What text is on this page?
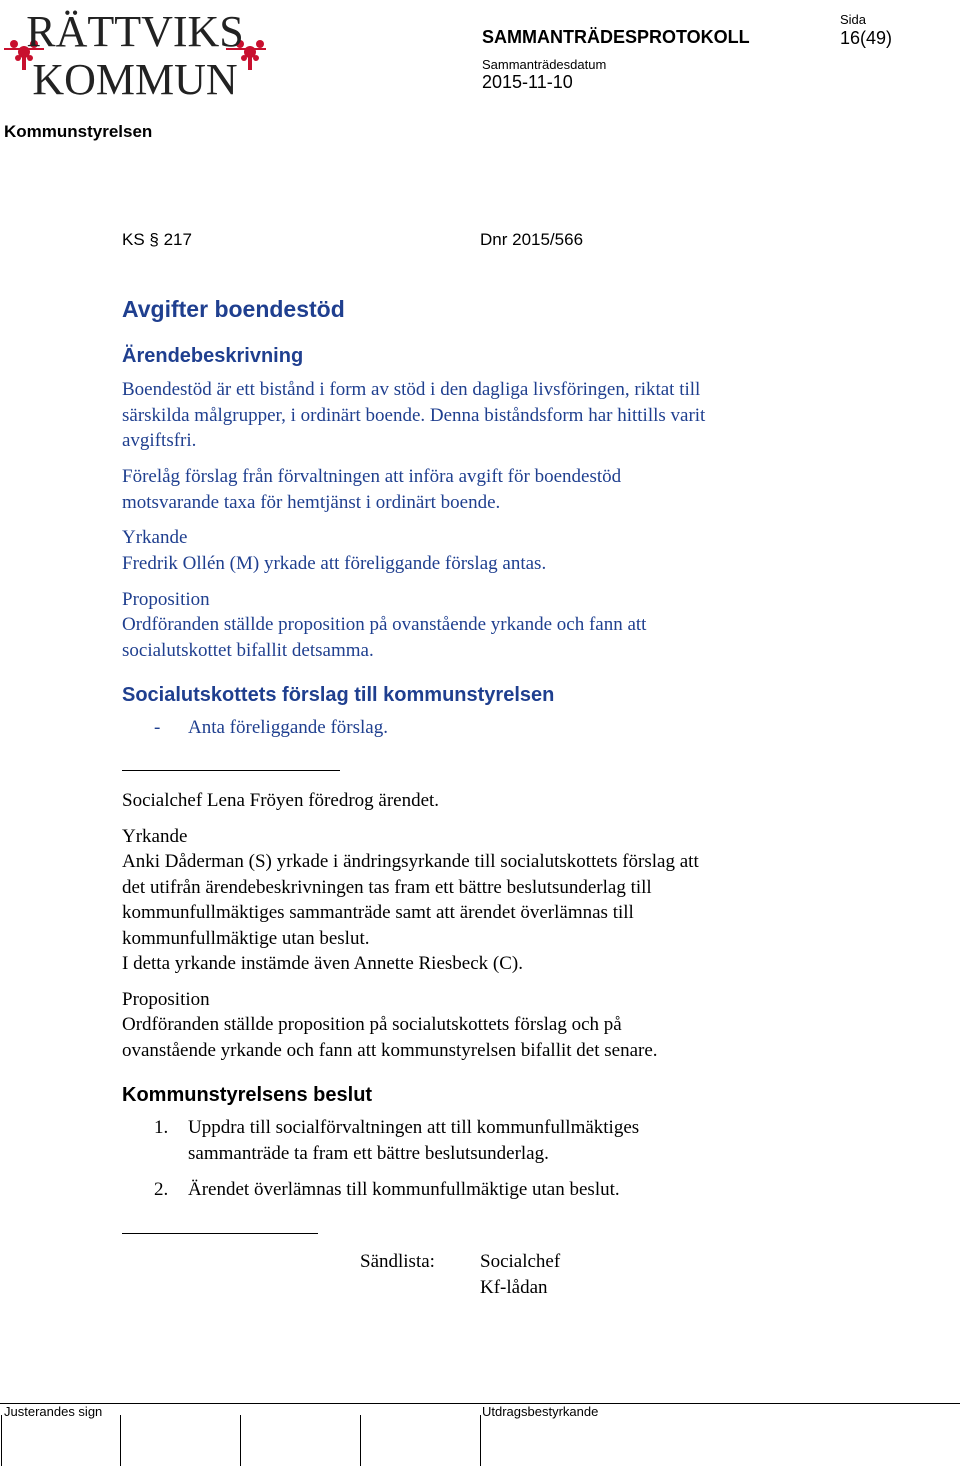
RÄTTVIKS
KOMMUN
SAMMANTRÄDESPROTOKOLL
Sida
16(49)
Sammanträdesdatum
2015-11-10
Kommunstyrelsen
KS § 217	Dnr 2015/566
Avgifter boendestöd
Ärendebeskrivning
Boendestöd är ett bistånd i form av stöd i den dagliga livsföringen, riktat till
särskilda målgrupper, i ordinärt boende. Denna biståndsform har hittills varit
avgiftsfri.
Förelåg förslag från förvaltningen att införa avgift för boendestöd
motsvarande taxa för hemtjänst i ordinärt boende.
Yrkande
Fredrik Ollén (M) yrkade att föreliggande förslag antas.
Proposition
Ordföranden ställde proposition på ovanstående yrkande och fann att
socialutskottet bifallit detsamma.
Socialutskottets förslag till kommunstyrelsen
- Anta föreliggande förslag.
Socialchef Lena Fröyen föredrog ärendet.
Yrkande
Anki Dåderman (S) yrkade i ändringsyrkande till socialutskottets förslag att
det utifrån ärendebeskrivningen tas fram ett bättre beslutsunderlag till
kommunfullmäktiges sammanträde samt att ärendet överlämnas till
kommunfullmäktige utan beslut.
I detta yrkande instämde även Annette Riesbeck (C).
Proposition
Ordföranden ställde proposition på socialutskottets förslag och på
ovanstående yrkande och fann att kommunstyrelsen bifallit det senare.
Kommunstyrelsens beslut
1. Uppdra till socialförvaltningen att till kommunfullmäktiges
sammanträde ta fram ett bättre beslutsunderlag.
2. Ärendet överlämnas till kommunfullmäktige utan beslut.
Sändlista: Socialchef
Kf-lådan
Justerandes sign	Utdragsbestyrkande
